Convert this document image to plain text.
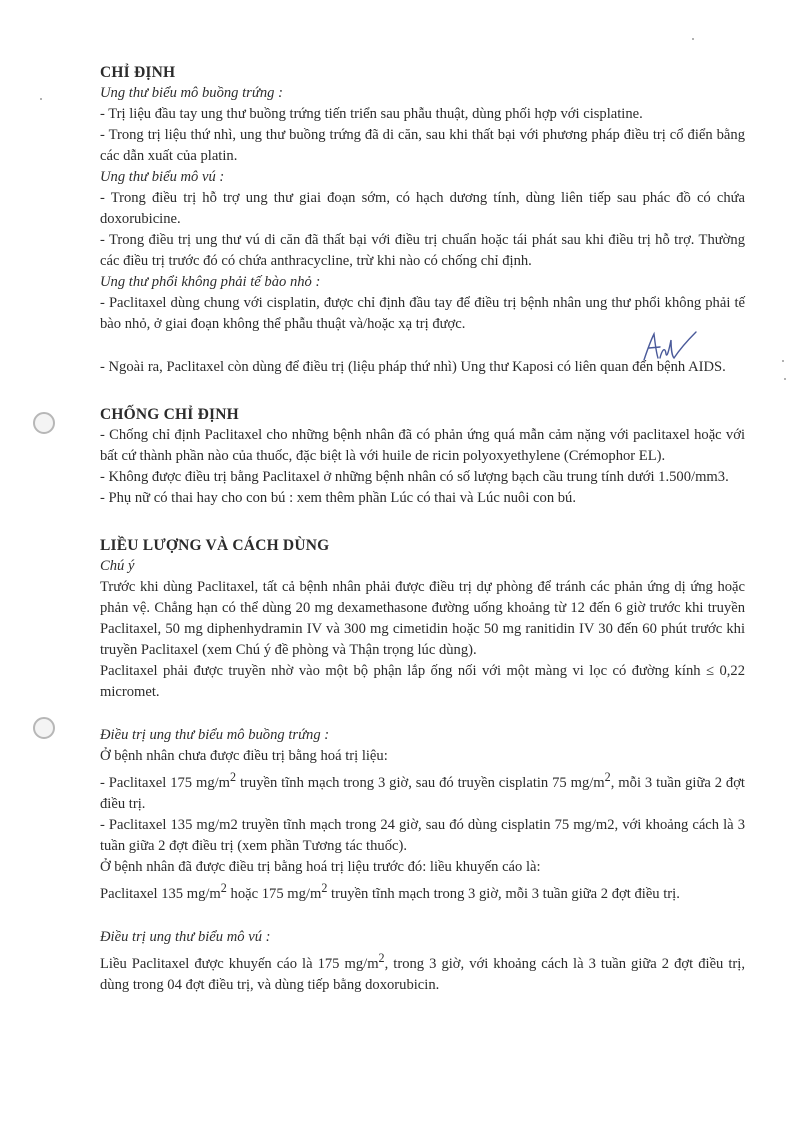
CHỈ ĐỊNH

Ung thư biểu mô buồng trứng :

- Trị liệu đầu tay ung thư buồng trứng tiến triển sau phẫu thuật, dùng phối hợp với cisplatine.

- Trong trị liệu thứ nhì, ung thư buồng trứng đã di căn, sau khi thất bại với phương pháp điều trị cổ điển bằng các dẫn xuất của platin.

Ung thư biểu mô vú :

- Trong điều trị hỗ trợ ung thư giai đoạn sớm, có hạch dương tính, dùng liên tiếp sau phác đồ có chứa doxorubicine.

- Trong điều trị ung thư vú di căn đã thất bại với điều trị chuẩn hoặc tái phát sau khi điều trị hỗ trợ. Thường các điều trị trước đó có chứa anthracycline, trừ khi nào có chống chỉ định.

Ung thư phổi không phải tế bào nhỏ :

- Paclitaxel dùng chung với cisplatin, được chỉ định đầu tay để điều trị bệnh nhân ung thư phổi không phải tế bào nhỏ, ở giai đoạn không thể phẫu thuật và/hoặc xạ trị được.

- Ngoài ra, Paclitaxel còn dùng để điều trị (liệu pháp thứ nhì) Ung thư Kaposi có liên quan đến bệnh AIDS.

CHỐNG CHỈ ĐỊNH

- Chống chỉ định Paclitaxel cho những bệnh nhân đã có phản ứng quá mẫn cảm nặng với paclitaxel hoặc với bất cứ thành phần nào của thuốc, đặc biệt là với huile de ricin polyoxyethylene (Crémophor EL).

- Không được điều trị bằng Paclitaxel ở những bệnh nhân có số lượng bạch cầu trung tính dưới 1.500/mm3.

- Phụ nữ có thai hay cho con bú : xem thêm phần Lúc có thai và Lúc nuôi con bú.

LIỀU LƯỢNG VÀ CÁCH DÙNG

Chú ý

Trước khi dùng Paclitaxel, tất cả bệnh nhân phải được điều trị dự phòng để tránh các phản ứng dị ứng hoặc phản vệ. Chẳng hạn có thể dùng 20 mg dexamethasone đường uống khoảng từ 12 đến 6 giờ trước khi truyền Paclitaxel, 50 mg diphenhydramin IV và 300 mg cimetidin hoặc 50 mg ranitidin IV 30 đến 60 phút trước khi truyền Paclitaxel (xem Chú ý đề phòng và Thận trọng lúc dùng).

Paclitaxel phải được truyền nhờ vào một bộ phận lắp ống nối với một màng vi lọc có đường kính ≤ 0,22 micromet.

Điều trị ung thư biểu mô buồng trứng :

Ở bệnh nhân chưa được điều trị bằng hoá trị liệu:

- Paclitaxel 175 $mg/m^2$ truyền tĩnh mạch trong 3 giờ, sau đó truyền cisplatin 75 $mg/m^2$, mỗi 3 tuần giữa 2 đợt điều trị.

- Paclitaxel 135 mg/m2 truyền tĩnh mạch trong 24 giờ, sau đó dùng cisplatin 75 mg/m2, với khoảng cách là 3 tuần giữa 2 đợt điều trị (xem phần Tương tác thuốc).

Ở bệnh nhân đã được điều trị bằng hoá trị liệu trước đó: liều khuyến cáo là:

Paclitaxel 135 $mg/m^2$ hoặc 175 $mg/m^2$ truyền tĩnh mạch trong 3 giờ, mỗi 3 tuần giữa 2 đợt điều trị.

Điều trị ung thư biểu mô vú :

Liều Paclitaxel được khuyến cáo là 175 $mg/m^2$, trong 3 giờ, với khoảng cách là 3 tuần giữa 2 đợt điều trị, dùng trong 04 đợt điều trị, và dùng tiếp bằng doxorubicin.
